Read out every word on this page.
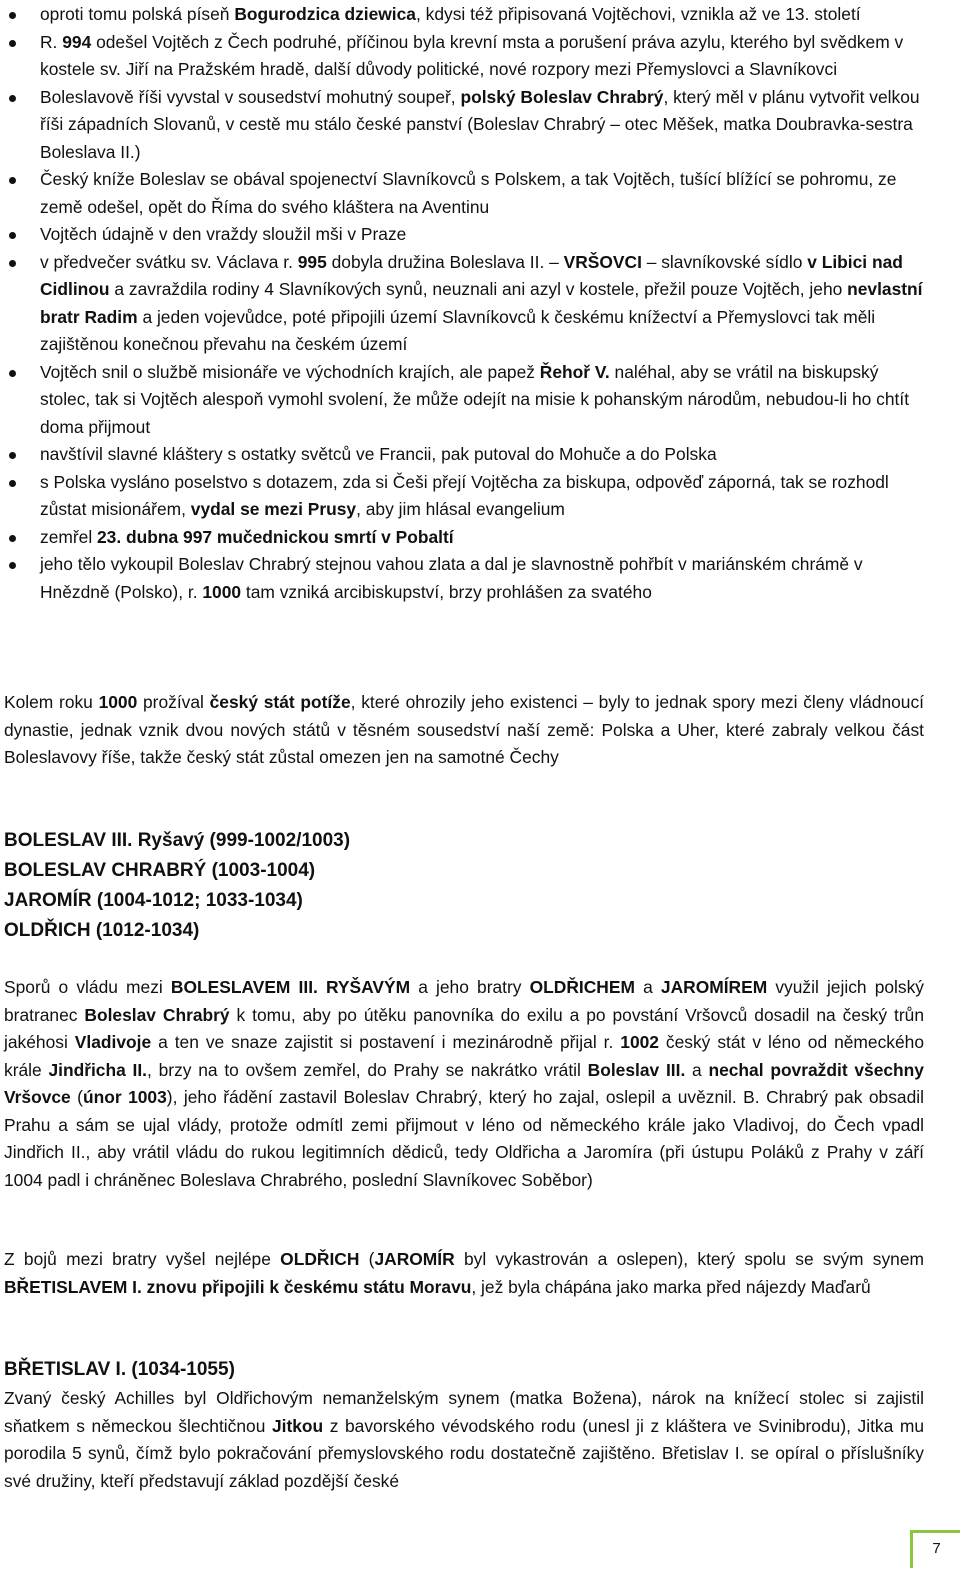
oproti tomu polská píseň Bogurodzica dziewica, kdysi též připisovaná Vojtěchovi, vznikla až ve 13. století
R. 994 odešel Vojtěch z Čech podruhé, příčinou byla krevní msta a porušení práva azylu, kterého byl svědkem v kostele sv. Jiří na Pražském hradě, další důvody politické, nové rozpory mezi Přemyslovci a Slavníkovci
Boleslavově říši vyvstal v sousedství mohutný soupeř, polský Boleslav Chrabrý, který měl v plánu vytvořit velkou říši západních Slovanů, v cestě mu stálo české panství (Boleslav Chrabrý – otec Měšek, matka Doubravka-sestra Boleslava II.)
Český kníže Boleslav se obával spojenectví Slavníkovců s Polskem, a tak Vojtěch, tušící blížící se pohromu, ze země odešel, opět do Říma do svého kláštera na Aventinu
Vojtěch údajně v den vraždy sloužil mši v Praze
v předvečer svátku sv. Václava r. 995 dobyla družina Boleslava II. – VRŠOVCI – slavníkovské sídlo v Libici nad Cidlinou a zavraždila rodiny 4 Slavníkových synů, neuznali ani azyl v kostele, přežil pouze Vojtěch, jeho nevlastní bratr Radim a jeden vojevůdce, poté připojili území Slavníkovců k českému knížectví a Přemyslovci tak měli zajištěnou konečnou převahu na českém území
Vojtěch snil o službě misionáře ve východních krajích, ale papež Řehoř V. naléhal, aby se vrátil na biskupský stolec, tak si Vojtěch alespoň vymohl svolení, že může odejít na misie k pohanským národům, nebudou-li ho chtít doma přijmout
navštívil slavné kláštery s ostatky světců ve Francii, pak putoval do Mohuče a do Polska
s Polska vysláno poselstvo s dotazem, zda si Češi přejí Vojtěcha za biskupa, odpověď záporná, tak se rozhodl zůstat misionářem, vydal se mezi Prusy, aby jim hlásal evangelium
zemřel 23. dubna 997 mučednickou smrtí v Pobaltí
jeho tělo vykoupil Boleslav Chrabrý stejnou vahou zlata a dal je slavnostně pohřbít v mariánském chrámě v Hnězdně (Polsko), r. 1000 tam vzniká arcibiskupství, brzy prohlášen za svatého

Kolem roku 1000 prožíval český stát potíže, které ohrozily jeho existenci – byly to jednak spory mezi členy vládnoucí dynastie, jednak vznik dvou nových států v těsném sousedství naší země: Polska a Uher, které zabraly velkou část Boleslavovy říše, takže český stát zůstal omezen jen na samotné Čechy

BOLESLAV III. Ryšavý (999-1002/1003)
BOLESLAV CHRABRÝ (1003-1004)
JAROMÍR (1004-1012; 1033-1034)
OLDŘICH (1012-1034)

Sporů o vládu mezi BOLESLAVEM III. RYŠAVÝM a jeho bratry OLDŘICHEM a JAROMÍREM využil jejich polský bratranec Boleslav Chrabrý k tomu, aby po útěku panovníka do exilu a po povstání Vršovců dosadil na český trůn jakéhosi Vladivoje a ten ve snaze zajistit si postavení i mezinárodně přijal r. 1002 český stát v léno od německého krále Jindřicha II., brzy na to ovšem zemřel, do Prahy se nakrátko vrátil Boleslav III. a nechal povraždit všechny Vršovce (únor 1003), jeho řádění zastavil Boleslav Chrabrý, který ho zajal, oslepil a uvěznil. B. Chrabrý pak obsadil Prahu a sám se ujal vlády, protože odmítl zemi přijmout v léno od německého krále jako Vladivoj, do Čech vpadl Jindřich II., aby vrátil vládu do rukou legitimních dědiců, tedy Oldřicha a Jaromíra (při ústupu Poláků z Prahy v září 1004 padl i chráněnec Boleslava Chrabrého, poslední Slavníkovec Soběbor)

Z bojů mezi bratry vyšel nejlépe OLDŘICH (JAROMÍR byl vykastrován a oslepen), který spolu se svým synem BŘETISLAVEM I. znovu připojili k českému státu Moravu, jež byla chápána jako marka před nájezdy Maďarů

BŘETISLAV I. (1034-1055)

Zvaný český Achilles byl Oldřichovým nemanželským synem (matka Božena), nárok na knížecí stolec si zajistil sňatkem s německou šlechtičnou Jitkou z bavorského vévodského rodu (unesl ji z kláštera ve Svinibrodu), Jitka mu porodila 5 synů, čímž bylo pokračování přemyslovského rodu dostatečně zajištěno. Břetislav I. se opíral o příslušníky své družiny, kteří představují základ pozdější české

7
